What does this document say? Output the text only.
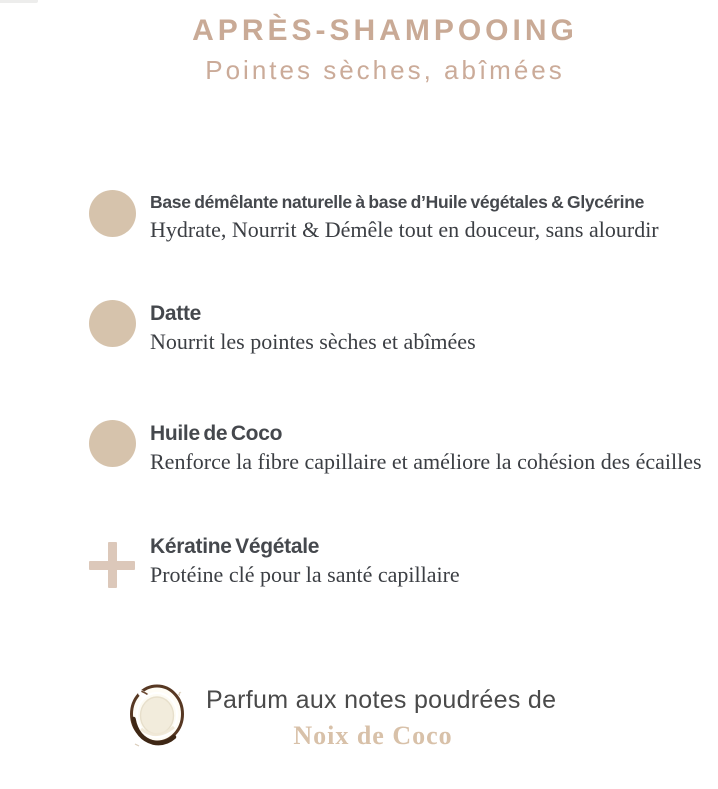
APRÈS-SHAMPOOING
Pointes sèches, abîmées
Base démêlante naturelle à base d’Huile végétales & Glycérine
Hydrate, Nourrit & Démêle tout en douceur, sans alourdir
Datte
Nourrit les pointes sèches et abîmées
Huile de Coco
Renforce la fibre capillaire et améliore la cohésion des écailles
Kératine Végétale
Protéine clé pour la santé capillaire
Parfum aux notes poudrées de
Noix de Coco
